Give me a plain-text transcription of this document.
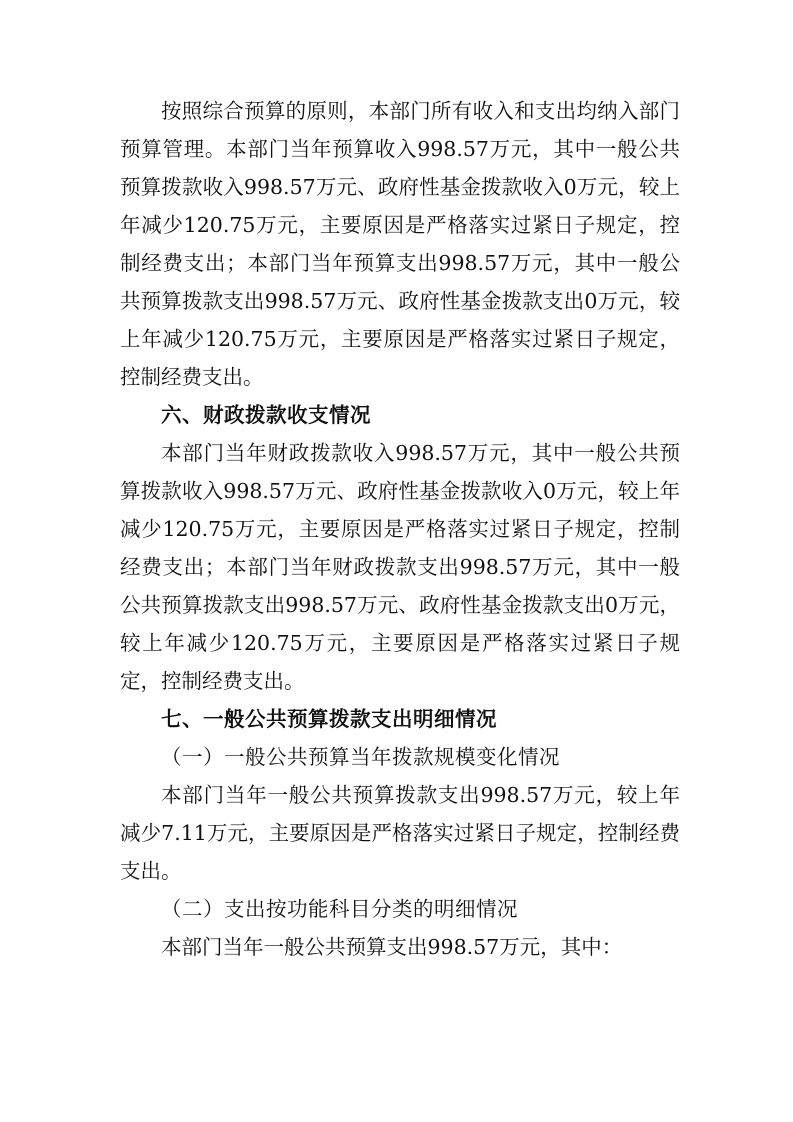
按照综合预算的原则，本部门所有收入和支出均纳入部门预算管理。本部门当年预算收入998.57万元，其中一般公共预算拨款收入998.57万元、政府性基金拨款收入0万元，较上年减少120.75万元，主要原因是严格落实过紧日子规定，控制经费支出；本部门当年预算支出998.57万元，其中一般公共预算拨款支出998.57万元、政府性基金拨款支出0万元，较上年减少120.75万元，主要原因是严格落实过紧日子规定，控制经费支出。

六、财政拨款收支情况

本部门当年财政拨款收入998.57万元，其中一般公共预算拨款收入998.57万元、政府性基金拨款收入0万元，较上年减少120.75万元，主要原因是严格落实过紧日子规定，控制经费支出；本部门当年财政拨款支出998.57万元，其中一般公共预算拨款支出998.57万元、政府性基金拨款支出0万元，较上年减少120.75万元，主要原因是严格落实过紧日子规定，控制经费支出。

七、一般公共预算拨款支出明细情况

（一）一般公共预算当年拨款规模变化情况

本部门当年一般公共预算拨款支出998.57万元，较上年减少7.11万元，主要原因是严格落实过紧日子规定，控制经费支出。

（二）支出按功能科目分类的明细情况

本部门当年一般公共预算支出998.57万元，其中：
